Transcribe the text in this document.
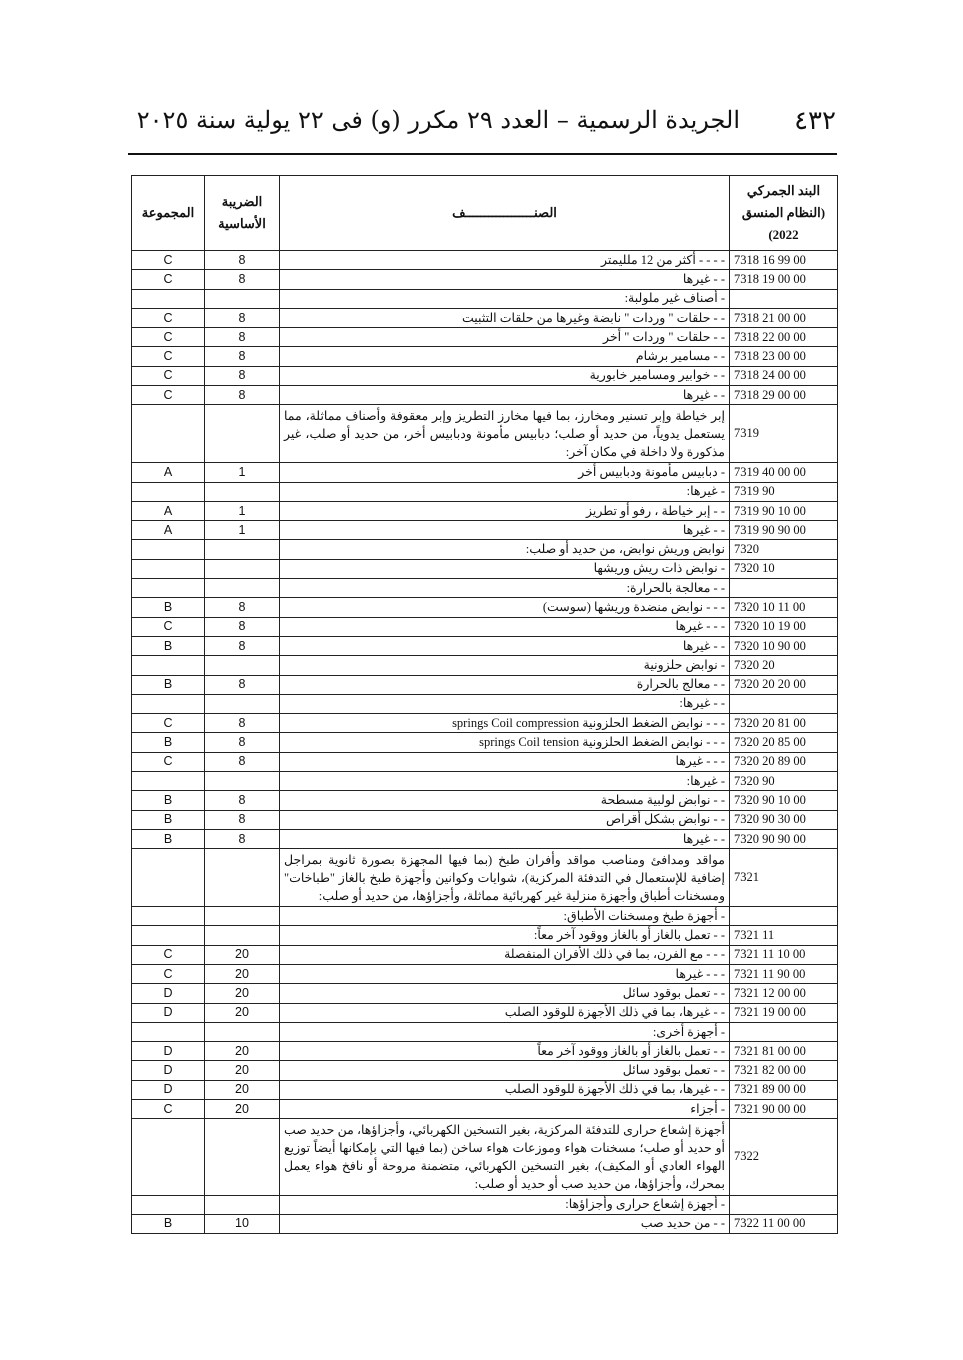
٤٣٢
الجريدة الرسمية – العدد ٢٩ مكرر (و) فى ٢٢ يولية سنة ٢٠٢٥
البند الجمركي (النظام المنسق 2022)	الصنــــــــــــــــــف	الضريبة الأساسية	المجموعة
7318 16 99 00	- - - - أكثر من 12 ملليمتر	8	C
7318 19 00 00	- - غيرها	8	C
	- أصناف غير ملولبة:		
7318 21 00 00	- - حلقات " وردات " نابضة وغيرها من حلقات التثبيت	8	C
7318 22 00 00	- - حلقات " وردات " أخر	8	C
7318 23 00 00	- - مسامير برشام	8	C
7318 24 00 00	- - خوابير ومسامير خابورية	8	C
7318 29 00 00	- - غيرها	8	C
7319	إبر خياطة وإبر تسنير ومخارز، بما فيها مخارز التطريز وإبر معقوفة وأصناف مماثلة، مما يستعمل يدوياً، من حديد أو صلب؛ دبابيس مأمونة ودبابيس أخر، من حديد أو صلب، غير مذكورة ولا داخلة في مكان آخر:		
7319 40 00 00	- دبابيس مأمونة ودبابيس أخر	1	A
7319 90	- غيرها:		
7319 90 10 00	- - إبر خياطة ، رفو أو تطريز	1	A
7319 90 90 00	- - غيرها	1	A
7320	نوابض وريش نوابض، من حديد أو صلب:		
7320 10	- نوابض ذات ريش وريشها		
	- - معالجة بالحرارة:		
7320 10 11 00	- - - نوابض منضدة وريشها (سوست)	8	B
7320 10 19 00	- - - غيرها	8	C
7320 10 90 00	- - غيرها	8	B
7320 20	- نوابض حلزونية		
7320 20 20 00	- - معالج بالحرارة	8	B
	- - غيرها:		
7320 20 81 00	- - - نوابض الضغط الحلزونية springs Coil compression	8	C
7320 20 85 00	- - - نوابض الضغط الحلزونية springs Coil tension	8	B
7320 20 89 00	- - - غيرها	8	C
7320 90	- غيرها:		
7320 90 10 00	- - نوابض لولبية مسطحة	8	B
7320 90 30 00	- - نوابض بشكل أقراص	8	B
7320 90 90 00	- - غيرها	8	B
7321	مواقد ومدافئ ومناصب مواقد وأفران طبخ (بما فيها المجهزة بصورة ثانوية بمراجل إضافية للإستعمال في التدفئة المركزية)، شوايات وكوانين وأجهزة طبخ بالغاز "طباخات" ومسخنات أطباق وأجهزة منزلية غير كهربائية مماثلة، وأجزاؤها، من حديد أو صلب:		
	- أجهزة طبخ ومسخنات الأطباق:		
7321 11	- - تعمل بالغاز أو بالغاز ووقود آخر معاً:		
7321 11 10 00	- - - مع الفرن، بما في ذلك الأفران المنفصلة	20	C
7321 11 90 00	- - - غيرها	20	C
7321 12 00 00	- - تعمل بوقود سائل	20	D
7321 19 00 00	- - غيرها، بما في ذلك الأجهزة للوقود الصلب	20	D
	- أجهزة أخرى:		
7321 81 00 00	- - تعمل بالغاز أو بالغاز ووقود آخر معاً	20	D
7321 82 00 00	- - تعمل بوقود سائل	20	D
7321 89 00 00	- - غيرها، بما في ذلك الأجهزة للوقود الصلب	20	D
7321 90 00 00	- أجزاء	20	C
7322	أجهزة إشعاع حرارى للتدفئة المركزية، بغير التسخين الكهربائي، وأجزاؤها، من حديد صب أو حديد أو صلب؛ مسخنات هواء وموزعات هواء ساخن (بما فيها التي بإمكانها أيضاً توزيع الهواء العادي أو المكيف)، بغير التسخين الكهربائي، متضمنة مروحة أو نافخ هواء يعمل بمحرك، وأجزاؤها، من حديد صب أو حديد أو صلب:		
	- أجهزة إشعاع حرارى وأجزاؤها:		
7322 11 00 00	- - من حديد صب	10	B
